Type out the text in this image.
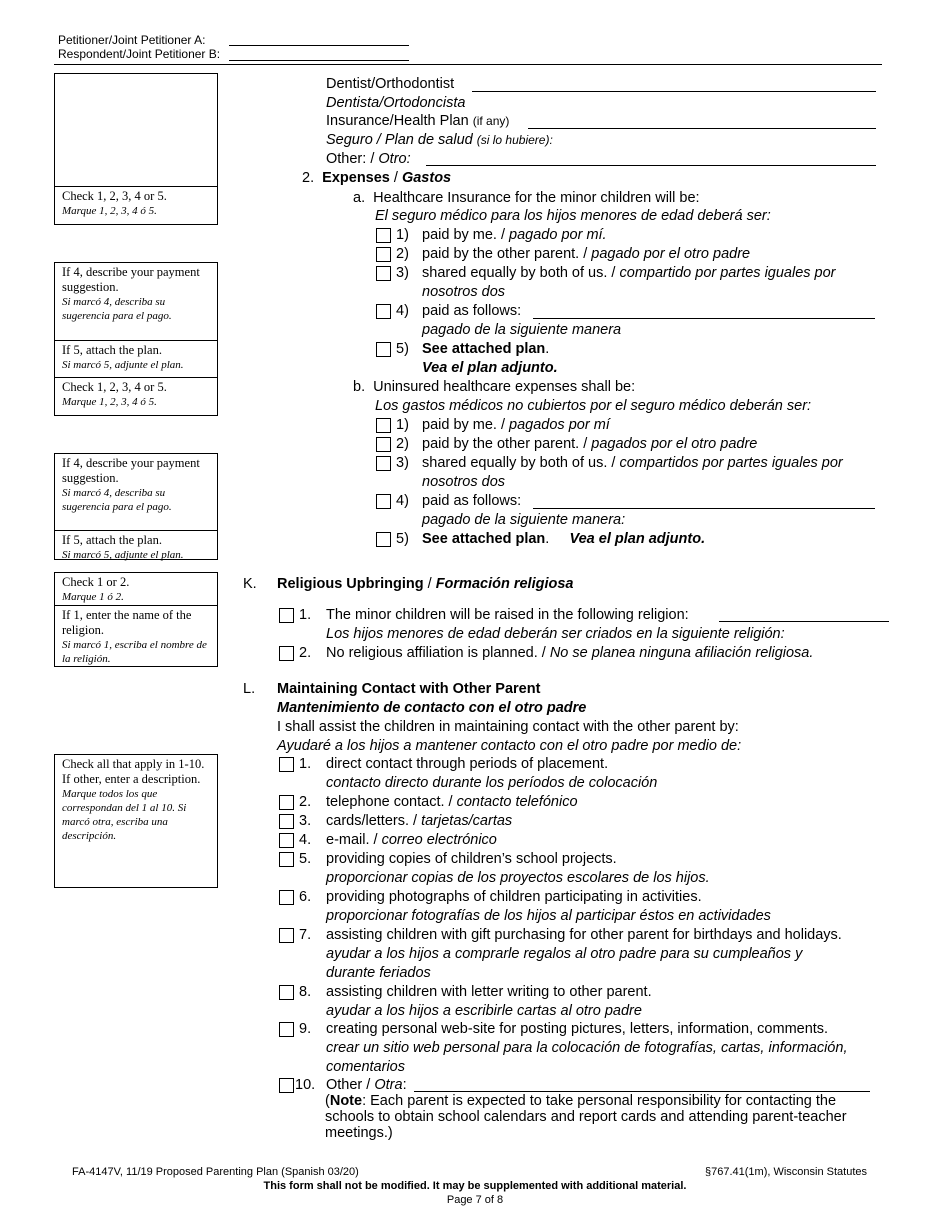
Petitioner/Joint Petitioner A:
Respondent/Joint Petitioner B:
Check 1, 2, 3, 4 or 5.
Marque 1, 2, 3, 4 ó 5.
If 4, describe your payment suggestion.
Si marcó 4, describa su sugerencia para el pago.
If 5, attach the plan.
Si marcó 5, adjunte el plan.
Check 1, 2, 3, 4 or 5.
Marque 1, 2, 3, 4 ó 5.
If 4, describe your payment suggestion.
Si marcó 4, describa su sugerencia para el pago.
If 5, attach the plan.
Si marcó 5, adjunte el plan.
Check 1 or 2.
Marque 1 ó 2.
If 1, enter the name of the religion.
Si marcó 1, escriba el nombre de la religión.
Check all that apply in 1-10. If other, enter a description.
Marque todos los que correspondan del 1 al 10. Si marcó otra, escriba una descripción.
Dentist/Orthodontist
Dentista/Ortodoncista
Insurance/Health Plan (if any)
Seguro / Plan de salud (si lo hubiere):
Other: / Otro:
2. Expenses / Gastos
a. Healthcare Insurance for the minor children will be:
El seguro médico para los hijos menores de edad deberá ser:
1) paid by me. / pagado por mí.
2) paid by the other parent. / pagado por el otro padre
3) shared equally by both of us. / compartido por partes iguales por
nosotros dos
4) paid as follows:
pagado de la siguiente manera
5) See attached plan.
Vea el plan adjunto.
b. Uninsured healthcare expenses shall be:
Los gastos médicos no cubiertos por el seguro médico deberán ser:
1) paid by me. / pagados por mí
2) paid by the other parent. / pagados por el otro padre
3) shared equally by both of us. / compartidos por partes iguales por
nosotros dos
4) paid as follows:
pagado de la siguiente manera:
5) See attached plan.     Vea el plan adjunto.
K. Religious Upbringing / Formación religiosa
1. The minor children will be raised in the following religion:
Los hijos menores de edad deberán ser criados en la siguiente religión:
2. No religious affiliation is planned. / No se planea ninguna afiliación religiosa.
L. Maintaining Contact with Other Parent
Mantenimiento de contacto con el otro padre
I shall assist the children in maintaining contact with the other parent by:
Ayudaré a los hijos a mantener contacto con el otro padre por medio de:
1. direct contact through periods of placement.
contacto directo durante los períodos de colocación
2. telephone contact. / contacto telefónico
3. cards/letters. / tarjetas/cartas
4. e-mail. / correo electrónico
5. providing copies of children’s school projects.
proporcionar copias de los proyectos escolares de los hijos.
6. providing photographs of children participating in activities.
proporcionar fotografías de los hijos al participar éstos en actividades
7. assisting children with gift purchasing for other parent for birthdays and holidays.
ayudar a los hijos a comprarle regalos al otro padre para su cumpleaños y
durante feriados
8. assisting children with letter writing to other parent.
ayudar a los hijos a escribirle cartas al otro padre
9. creating personal web-site for posting pictures, letters, information, comments.
crear un sitio web personal para la colocación de fotografías, cartas, información,
comentarios
10. Other / Otra:
(Note: Each parent is expected to take personal responsibility for contacting the
schools to obtain school calendars and report cards and attending parent-teacher
meetings.)
FA-4147V, 11/19 Proposed Parenting Plan (Spanish 03/20)	§767.41(1m), Wisconsin Statutes
This form shall not be modified. It may be supplemented with additional material.
Page 7 of 8
